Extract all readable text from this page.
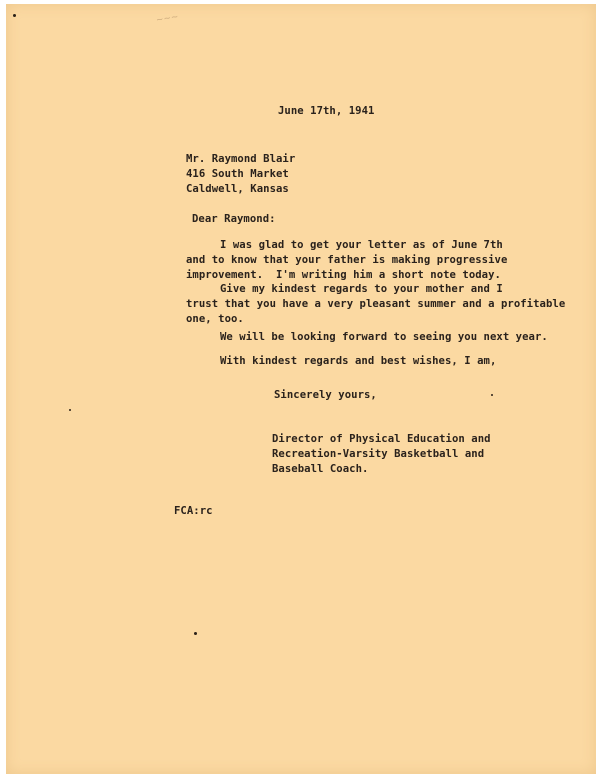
~~~
June 17th, 1941
Mr. Raymond Blair
416 South Market
Caldwell, Kansas
Dear Raymond:
I was glad to get your letter as of June 7th
and to know that your father is making progressive
improvement.  I'm writing him a short note today.
Give my kindest regards to your mother and I
trust that you have a very pleasant summer and a profitable
one, too.
We will be looking forward to seeing you next year.
With kindest regards and best wishes, I am,
Sincerely yours,
Director of Physical Education and
Recreation-Varsity Basketball and
Baseball Coach.
FCA:rc
